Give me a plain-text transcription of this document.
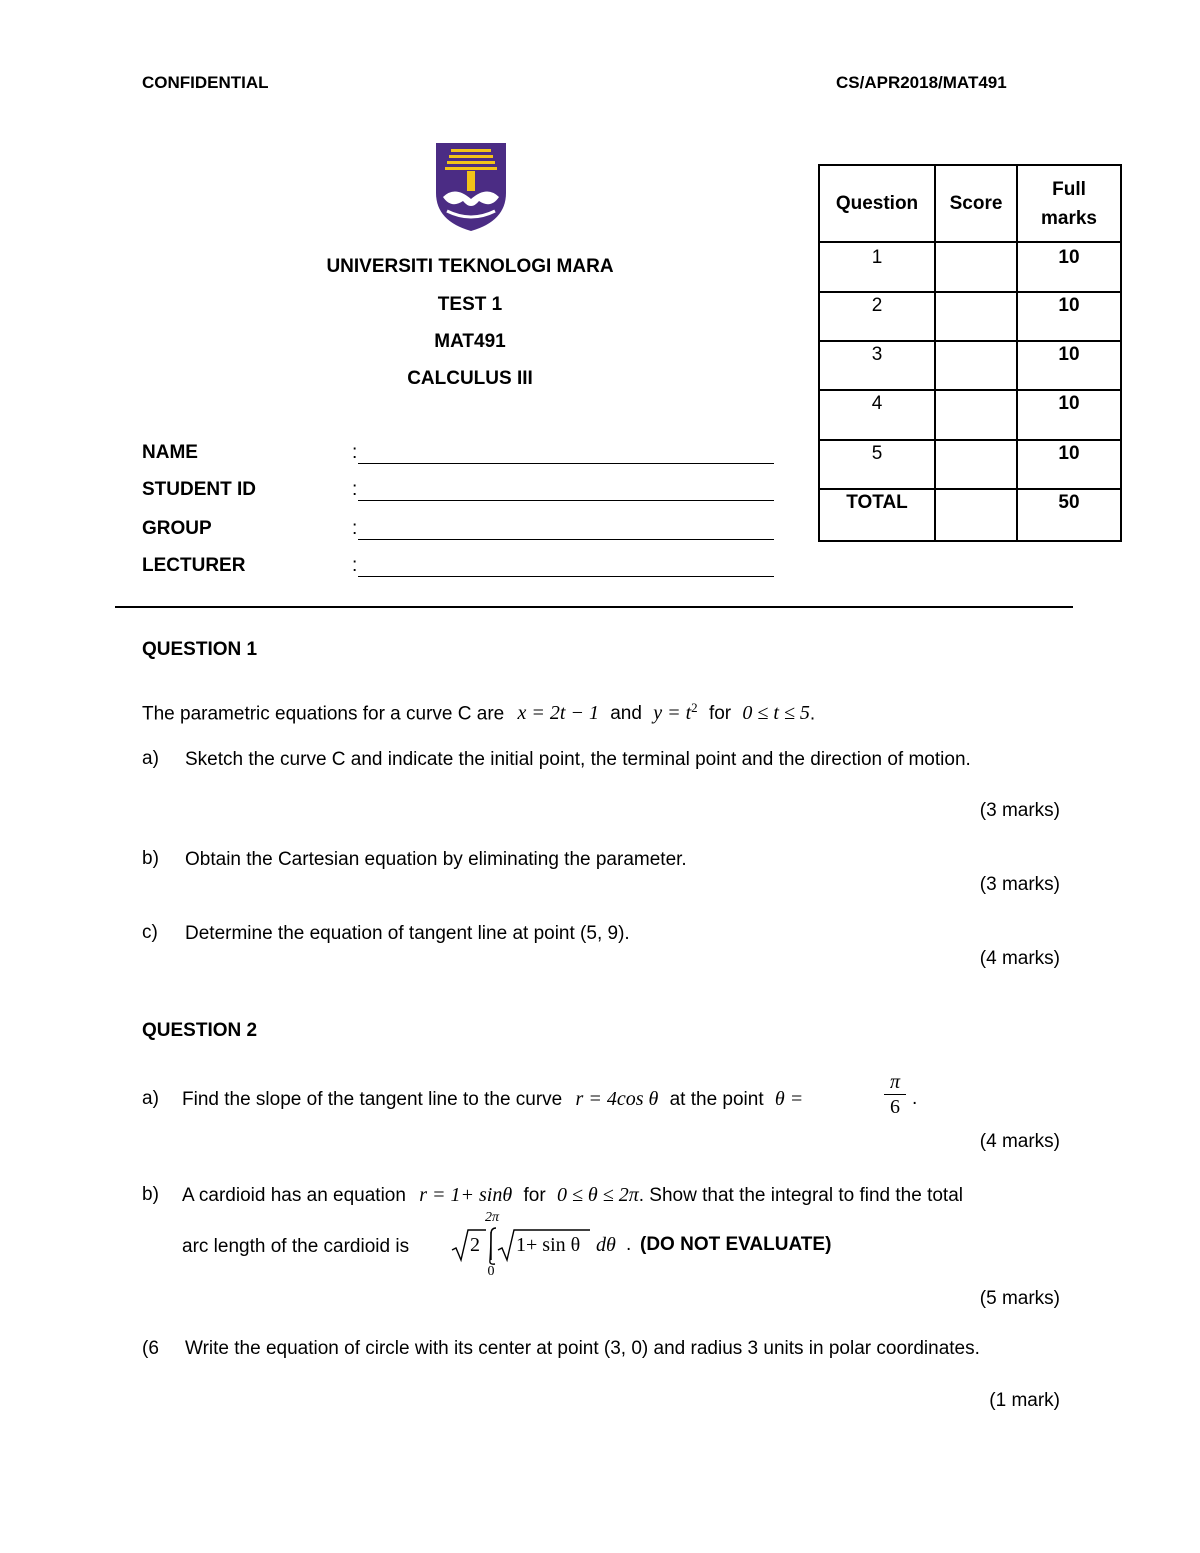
CONFIDENTIAL	CS/APR2018/MAT491
UNIVERSITI TEKNOLOGI MARA
TEST 1
MAT491
CALCULUS III
NAME	:
STUDENT ID	:
GROUP	:
LECTURER	:
Question	Score	Full
marks
1		10
2		10
3		10
4		10
5		10
TOTAL		50
QUESTION 1
The parametric equations for a curve C are x = 2t − 1 and $y = t^2$ for 0 ≤ t ≤ 5.
a) Sketch the curve C and indicate the initial point, the terminal point and the direction of motion.
(3 marks)
b) Obtain the Cartesian equation by eliminating the parameter.
(3 marks)
c) Determine the equation of tangent line at point (5, 9).
(4 marks)
QUESTION 2
a) Find the slope of the tangent line to the curve r = 4cos θ at the point θ =
π
6 .
(4 marks)
b) A cardioid has an equation r = 1+ sinθ for 0 ≤ θ ≤ 2π. Show that the integral to find the total
arc length of the cardioid is
2π
0
2 1+ sin θ dθ . (DO NOT EVALUATE)
(5 marks)
(6 Write the equation of circle with its center at point (3, 0) and radius 3 units in polar coordinates.
(1 mark)
